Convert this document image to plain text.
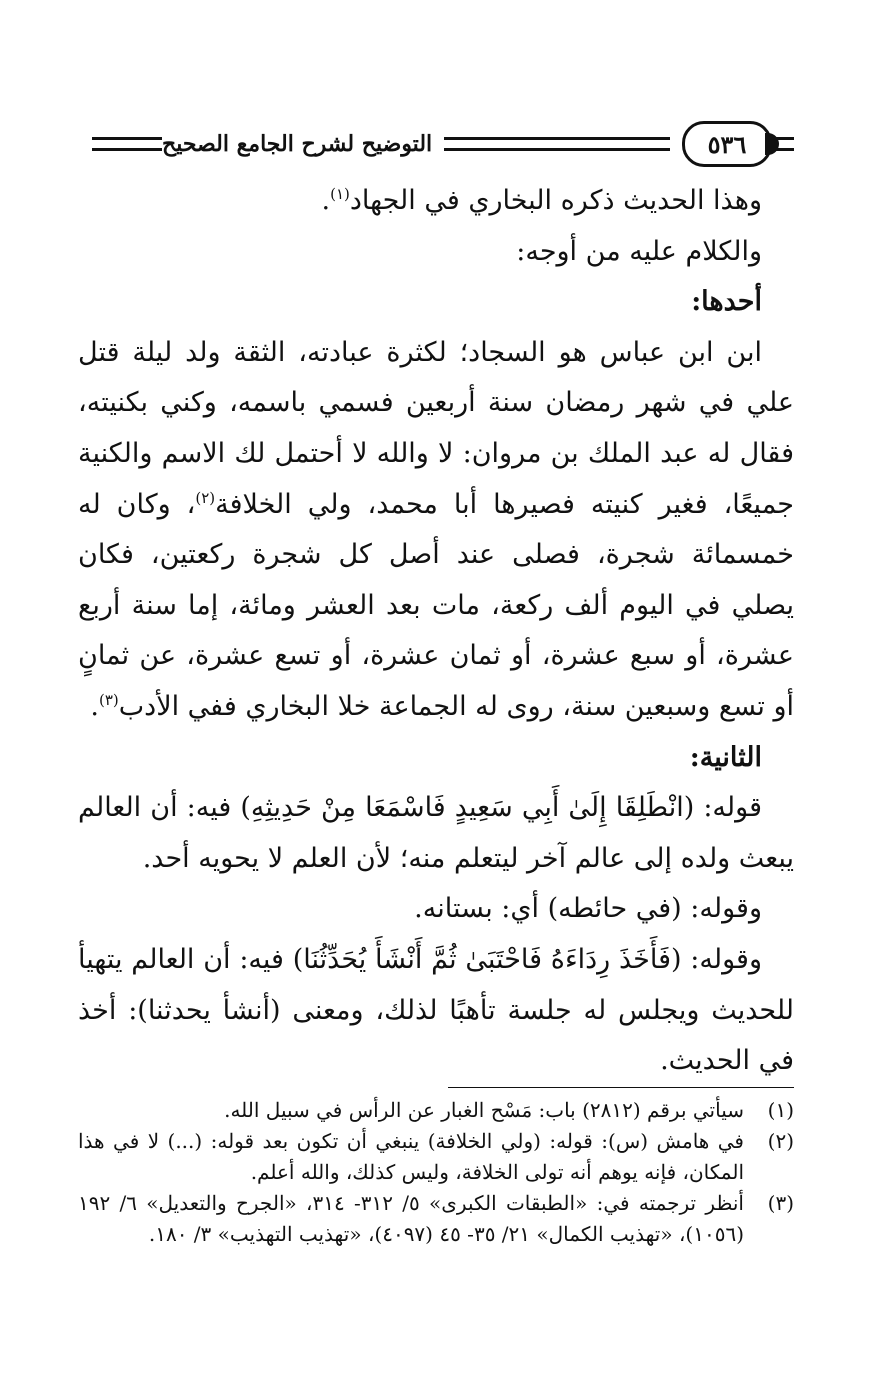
٥٣٦
التوضيح لشرح الجامع الصحيح

وهذا الحديث ذكره البخاري في الجهاد$^{(١)}$.

والكلام عليه من أوجه:

أحدها:

ابن ابن عباس هو السجاد؛ لكثرة عبادته، الثقة ولد ليلة قتل علي في شهر رمضان سنة أربعين فسمي باسمه، وكني بكنيته، فقال له عبد الملك بن مروان: لا والله لا أحتمل لك الاسم والكنية جميعًا، فغير كنيته فصيرها أبا محمد، ولي الخلافة$^{(٢)}$، وكان له خمسمائة شجرة، فصلى عند أصل كل شجرة ركعتين، فكان يصلي في اليوم ألف ركعة، مات بعد العشر ومائة، إما سنة أربع عشرة، أو سبع عشرة، أو ثمان عشرة، أو تسع عشرة، عن ثمانٍ أو تسع وسبعين سنة، روى له الجماعة خلا البخاري ففي الأدب$^{(٣)}$.

الثانية:

قوله: (انْطَلِقَا إِلَىٰ أَبِي سَعِيدٍ فَاسْمَعَا مِنْ حَدِيثِهِ) فيه: أن العالم يبعث ولده إلى عالم آخر ليتعلم منه؛ لأن العلم لا يحويه أحد.

وقوله: (في حائطه) أي: بستانه.

وقوله: (فَأَخَذَ رِدَاءَهُ فَاحْتَبَىٰ ثُمَّ أَنْشَأَ يُحَدِّثُنَا) فيه: أن العالم يتهيأ للحديث ويجلس له جلسة تأهبًا لذلك، ومعنى (أنشأ يحدثنا): أخذ في الحديث.

(١)
سيأتي برقم (٢٨١٢) باب: مَسْح الغبار عن الرأس في سبيل الله.
(٢)
في هامش (س): قوله: (ولي الخلافة) ينبغي أن تكون بعد قوله: (...) لا في هذا المكان، فإنه يوهم أنه تولى الخلافة، وليس كذلك، والله أعلم.
(٣)
أنظر ترجمته في: «الطبقات الكبرى» ٥/ ٣١٢- ٣١٤، «الجرح والتعديل» ٦/ ١٩٢ (١٠٥٦)، «تهذيب الكمال» ٢١/ ٣٥- ٤٥ (٤٠٩٧)، «تهذيب التهذيب» ٣/ ١٨٠.
